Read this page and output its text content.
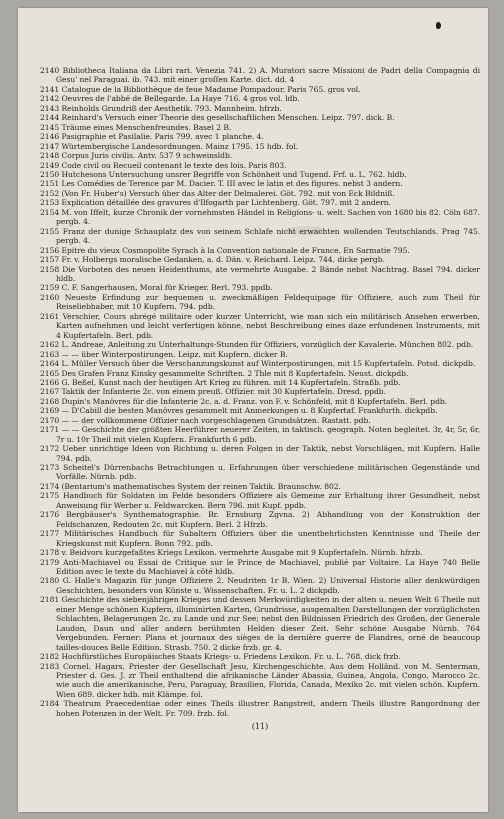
2140 Bibliotheca Italiana da Libri rari. Venezia 741. 2) A. Muratori sacre Missioni de Padri della Compagnia di Gesu' nel Paraguai. ib. 743. mit einer groſſen Karte. dict. dd. 4

2141 Catalogue de la Bibliothèque de feue Madame Pompadour. Paris 765. gros vol.

2142 Oeuvres de l'abbé de Bellegarde. La Haye 716. 4 gros vol. ldb.

2143 Reinholds Grundriß der Aesthetik. 793. Mannheim. hfrzb.

2144 Reinhard's Versuch einer Theorie des gesellschaftlichen Menschen. Leipz. 797. dick. B.

2145 Träume eines Menschenfreundes. Basel 2 B.

2146 Pasigraphie et Pasilalie. Paris 799. avec 1 planche. 4.

2147 Würtembergische Landesordnungen. Mainz 1795. 15 hdb. fol.

2148 Corpus Juris civilis. Antv. 537 9 schweinsldb.

2149 Code civil ou Recueil contenant le texte des lois. Paris 803.

2150 Hutchesons Untersuchung unsrer Begriffe von Schönheit und Tugend. Frf. u. L. 762. hldb.

2151 Les Comédies de Terence par M. Dacier. T. III avec le latin et des figures. nebst 3 andern.

2152 (Von Fr. Huber's) Versuch über das Alter der Delmalerei. Göt. 792. mit von Eck Bildniß.

2153 Explication détaillée des gravures d'Ilfogarth par Lichtenberg. Göt. 797. mit 2 andern.

2154 M. von Iffelt, kurze Chronik der vornehmsten Händel in Religions- u. welt. Sachen von 1680 bis 82. Cöln 687. pergb. 4.

2155 Franz der dunige Schauplatz des von seinem Schlafe nicht erwachten wollenden Teutschlands. Prag 745. pergb. 4.

2156 Epitre du vieux Cosmopolite Syrach à la Convention nationale de France. En Sarmatie 795.

2157 Fr. v. Holbergs moralische Gedanken, a. d. Dän. v. Reichard. Leipz. 744. dicke pergb.

2158 Die Vorboten des neuen Heidenthums, ate vermehrte Ausgabe. 2 Bände nebst Nachtrag. Basel 794. dicker hldb.

2159 C. F. Sangerhausen, Moral für Krieger. Berl. 793. ppdb.

2160 Neueste Erfindung zur bequemen u. zweckmäßigen Feldequipage für Offiziere, auch zum Theil für Reiseliebhaber, mit 10 Kupfern. 794. pdb.

2161 Verschier, Cours abrégé militaire oder kurzer Unterricht, wie man sich ein militärisch Ansehen erwerben, Karten aufnehmen und leicht verfertigen könne, nebst Beschreibung eines daze erfundenen Instruments, mit 4 Kupfertafeln. Berl. pdb.

2162 L. Andreae, Anleitung zu Unterhaltungs-Stunden für Offiziers, vorzüglich der Kavalerie. München 802. pdb.

2163 — — über Winterpostirungen. Leipz. mit Kupfern. dicker B.

2164 L. Müller Versuch über die Verschanzungskunst auf Winterpostirungen, mit 15 Kupfertafeln. Potsd. dickpdb.

2165 Des Grafen Franz Kinsky gesammelte Schriften. 2 Thle mit 8 Kupfertafeln. Neust. dickpdb.

2166 G. Beßel, Kunst nach der heutigen Art Krieg zu führen. mit 14 Kupfertafeln. Straßb. pdb.

2167 Taktik der Infanterie 2c. von einem preuß. Offizier. mit 30 Kupfertafeln. Dresd. ppdb.

2168 Dupin's Manövres für die Infanterie 2c. a. d. Franz. von F. v. Schönfeld, mit 8 Kupfertafeln. Berl. pdb.

2169 — D'Cabill die besten Manövres gesammelt mit Anmerkungen u. 8 Kupfertaf. Frankfurth. dickpdb.

2170 — — der vollkommene Offizier nach vorgeschlagenen Grundsätzen. Rastatt. pdb.

2171 — — Geschichte der größten Heerführer neuerer Zeiten, in taktisch. geograph. Noten begleitet. 3r, 4r, 5r, 6r, 7r u. 10r Theil mit vielen Kupfern. Frankfurth 6 pdb.

2172 Ueber unrichtige Ideen von Richtung u. deren Folgen in der Taktik, nebst Vorschlägen, mit Kupfern. Halle 794. pdb.

2173 Scheitel's Dürrenbachs Betrachtungen u. Erfahrungen über verschiedene militärischen Gegenstände und Vorfälle. Nürnb. pdb.

2174 (Bentarium's mathematisches System der reinen Taktik. Braunschw. 802.

2175 Handbuch für Soldaten im Felde besonders Offiziere als Gemeine zur Erhaltung ihrer Gesundheit, nebst Anweisung für Werber u. Feldwarcken. Bern 796. mit Kupf. ppdb.

2176 Bergbäuser's Synthematographie. Br. Ernsburg Zgvna. 2) Abhandlung von der Konstruktion der Feldschanzen, Redouten 2c. mit Kupfern. Berl. 2 Hfrzb.

2177 Militärisches Handbuch für Subaltern Offiziers über die unentbehrlichsten Kenntnisse und Theile der Kriegskunst mit Kupfern. Bonn 792. pdb.

2178 v. Beidvors kurzgefaßtes Kriegs Lexikon. vermehrte Ausgabe mit 9 Kupfertafeln. Nürnb. hfrzb.

2179 Anti-Machiavel ou Essai de Critique sur le Prince de Machiavel, publié par Voltaire. La Haye 740 Belle Edition avec le texte du Machiavel à côté hldb.

2180 G. Halle's Magazin für junge Offiziere 2. Neudriten 1r B. Wien. 2) Universal Historie aller denkwürdigen Geschichten, besonders von Künste u. Wissenschaften. Fr. u. L. 2 dickpdb.

2181 Geschichte des siebenjährigen Krieges und dessen Merkwürdigkeiten in der alten u. neuen Welt 6 Theile mit einer Menge schönen Kupfern, illuminirten Karten, Grundrisse, ausgemalten Darstellungen der vorzüglichsten Schlachten, Belagerungen 2c. zu Lande und zur See; nebst den Bildnissen Friedrich des Großen, der Generale Laudon, Daun und aller andern berühmten Helden dieser Zeit. Sehr schöne Ausgabe Nürnb. 764 Vergebunden. Ferner: Plans et journaux des sièges de la dernière guerre de Flandres, orné de beaucoup tailles-douces Belle Edition. Strasb. 750. 2 dicke frzb. gr. 4.

2182 Hochfürstliches Europäisches Staats Kriegs- u. Friedens Lexikon. Fr. u. L. 768. dick frzb.

2183 Cornel. Hagars, Priester der Gesellschaft Jesu, Kirchengeschichte. Aus dem Holländ. von M. Senterman, Priester d. Ges. J. zr Theil enthaltend die afrikanische Länder Abassia, Guinea, Angola, Congo, Marocco 2c. wie auch die amerikanische, Peru, Paraguay, Brasilien, Florida, Canada, Mexiko 2c. mit vielen schön. Kupfern. Wien 689. dicker hdb. mit Klämpe. fol.

2184 Theatrum Praecedentiae oder eines Theils illustrer Rangstreit, andern Theils illustre Rangordnung der hohen Potenzen in der Welt. Fr. 709. frzb. fol.

(11)
